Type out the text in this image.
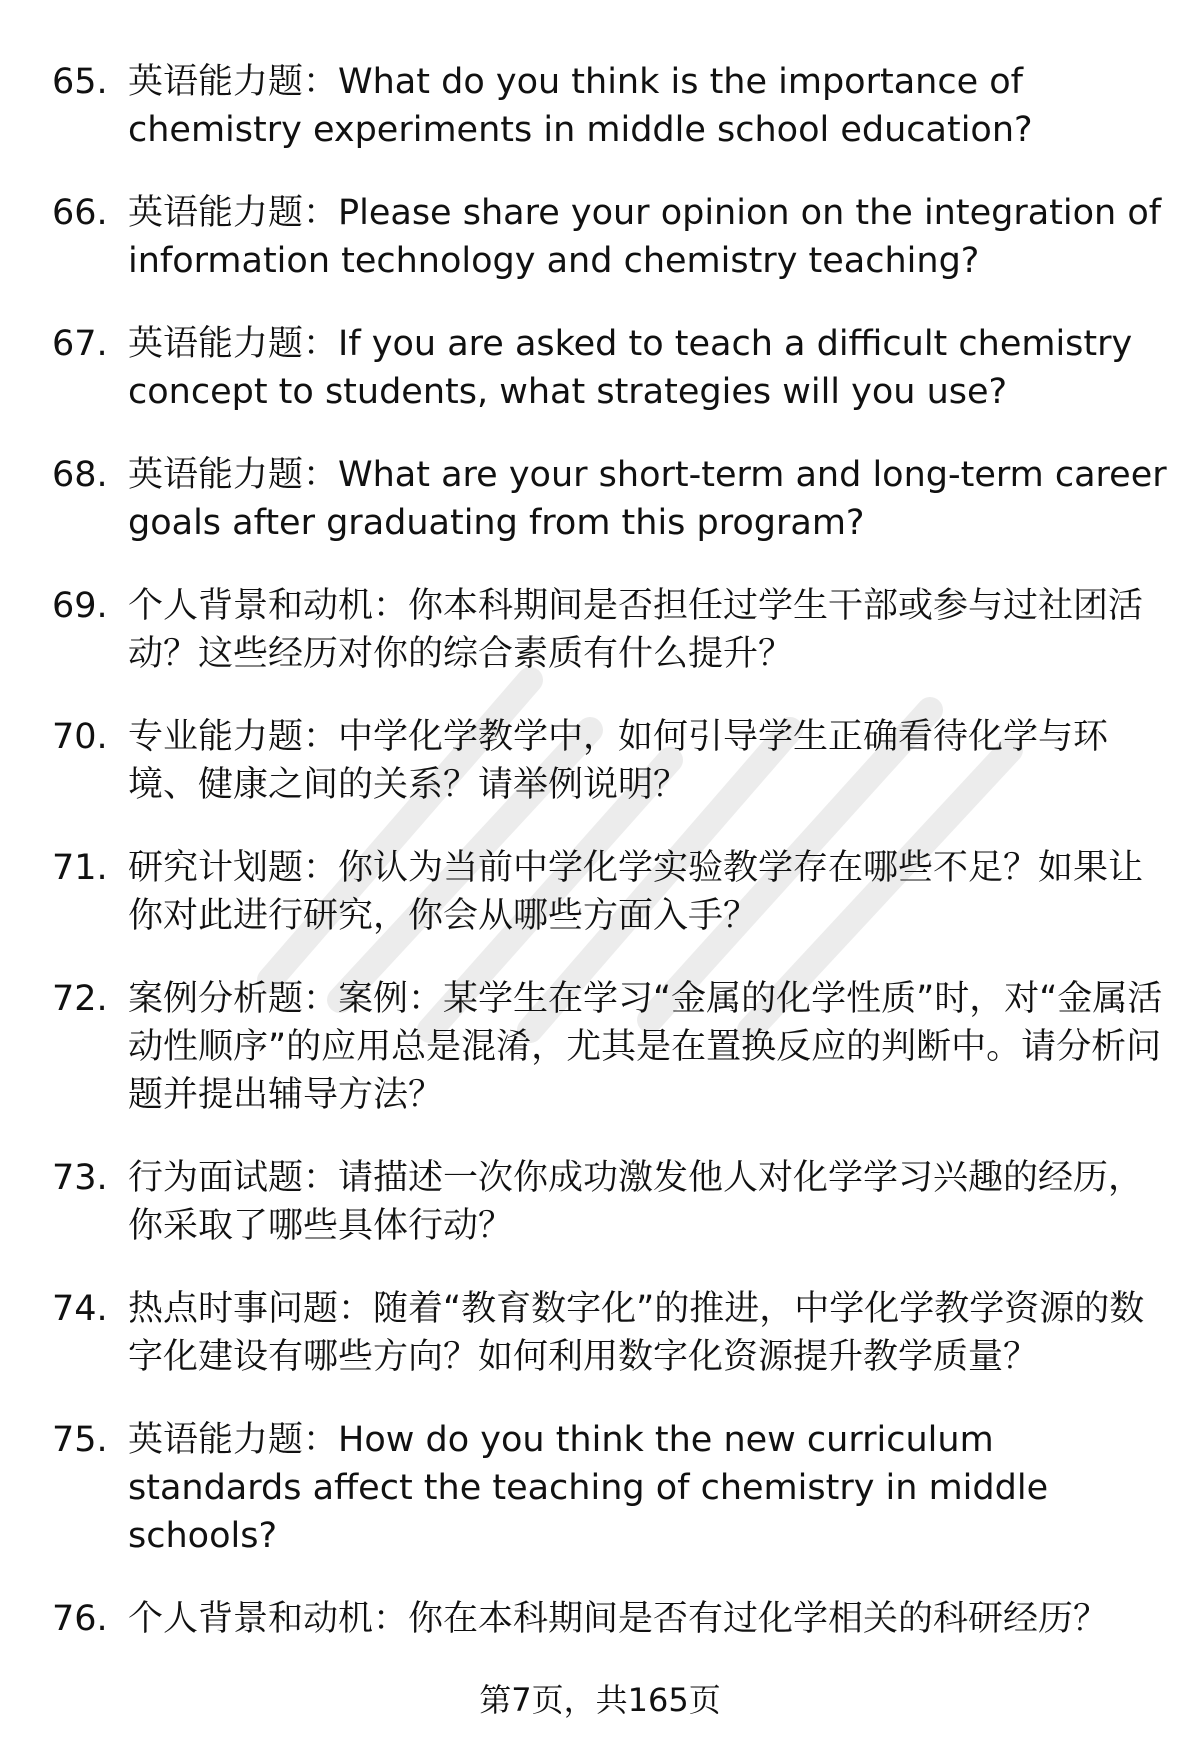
65. 英语能力题：What do you think is the importance of chemistry experiments in middle school education?
66. 英语能力题：Please share your opinion on the integration of information technology and chemistry teaching?
67. 英语能力题：If you are asked to teach a difficult chemistry concept to students, what strategies will you use?
68. 英语能力题：What are your short-term and long-term career goals after graduating from this program?
69. 个人背景和动机：你本科期间是否担任过学生干部或参与过社团活动？这些经历对你的综合素质有什么提升？
70. 专业能力题：中学化学教学中，如何引导学生正确看待化学与环境、健康之间的关系？请举例说明？
71. 研究计划题：你认为当前中学化学实验教学存在哪些不足？如果让你对此进行研究，你会从哪些方面入手？
72. 案例分析题：案例：某学生在学习“金属的化学性质”时，对“金属活动性顺序”的应用总是混淆，尤其是在置换反应的判断中。请分析问题并提出辅导方法？
73. 行为面试题：请描述一次你成功激发他人对化学学习兴趣的经历，你采取了哪些具体行动？
74. 热点时事问题：随着“教育数字化”的推进，中学化学教学资源的数字化建设有哪些方向？如何利用数字化资源提升教学质量？
75. 英语能力题：How do you think the new curriculum standards affect the teaching of chemistry in middle schools?
76. 个人背景和动机：你在本科期间是否有过化学相关的科研经历？
第7页，共165页
